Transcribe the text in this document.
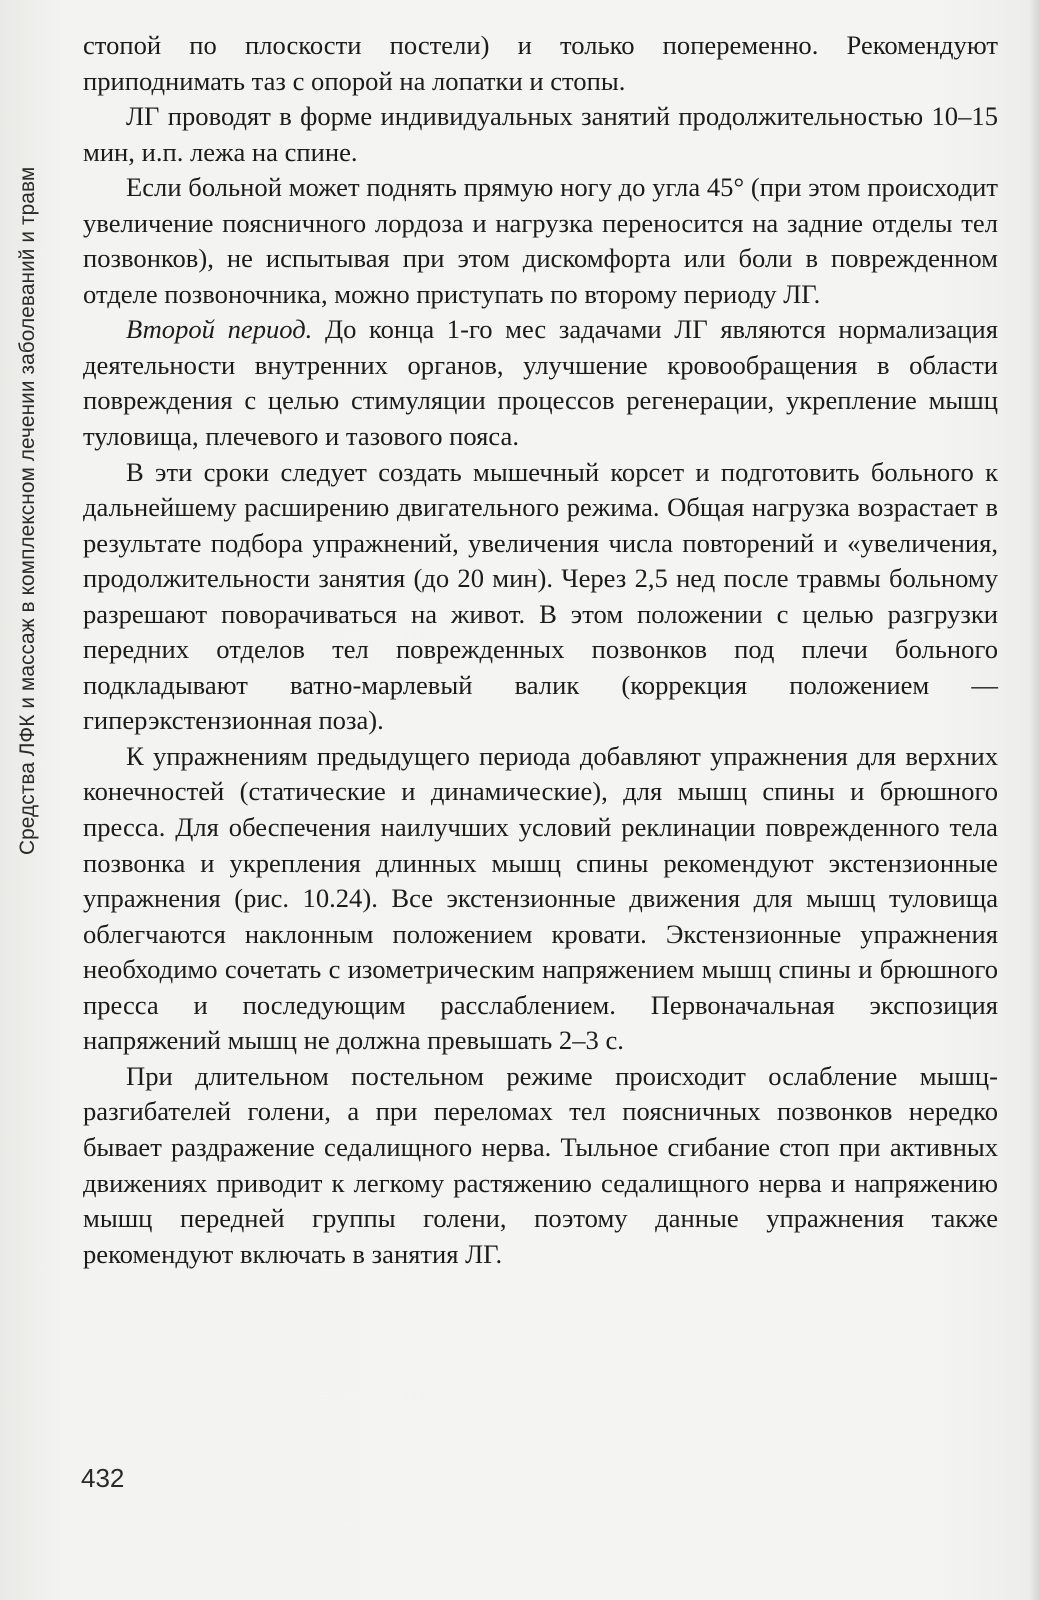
Средства ЛФК и массаж в комплексном лечении заболеваний и травм

стопой по плоскости постели) и только попеременно. Рекомендуют приподнимать таз с опорой на лопатки и стопы.

ЛГ проводят в форме индивидуальных занятий продолжительностью 10–15 мин, и.п. лежа на спине.

Если больной может поднять прямую ногу до угла 45° (при этом происходит увеличение поясничного лордоза и нагрузка переносится на задние отделы тел позвонков), не испытывая при этом дискомфорта или боли в поврежденном отделе позвоночника, можно приступать по второму периоду ЛГ.

Второй период. До конца 1-го мес задачами ЛГ являются нормализация деятельности внутренних органов, улучшение кровообращения в области повреждения с целью стимуляции процессов регенерации, укрепление мышц туловища, плечевого и тазового пояса.

В эти сроки следует создать мышечный корсет и подготовить больного к дальнейшему расширению двигательного режима. Общая нагрузка возрастает в результате подбора упражнений, увеличения числа повторений и «увеличения, продолжительности занятия (до 20 мин). Через 2,5 нед после травмы больному разрешают поворачиваться на живот. В этом положении с целью разгрузки передних отделов тел поврежденных позвонков под плечи больного подкладывают ватно-марлевый валик (коррекция положением — гиперэкстензионная поза).

К упражнениям предыдущего периода добавляют упражнения для верхних конечностей (статические и динамические), для мышц спины и брюшного пресса. Для обеспечения наилучших условий реклинации поврежденного тела позвонка и укрепления длинных мышц спины рекомендуют экстензионные упражнения (рис. 10.24). Все экстензионные движения для мышц туловища облегчаются наклонным положением кровати. Экстензионные упражнения необходимо сочетать с изометрическим напряжением мышц спины и брюшного пресса и последующим расслаблением. Первоначальная экспозиция напряжений мышц не должна превышать 2–3 с.

При длительном постельном режиме происходит ослабление мышц-разгибателей голени, а при переломах тел поясничных позвонков нередко бывает раздражение седалищного нерва. Тыльное сгибание стоп при активных движениях приводит к легкому растяжению седалищного нерва и напряжению мышц передней группы голени, поэтому данные упражнения также рекомендуют включать в занятия ЛГ.

432
